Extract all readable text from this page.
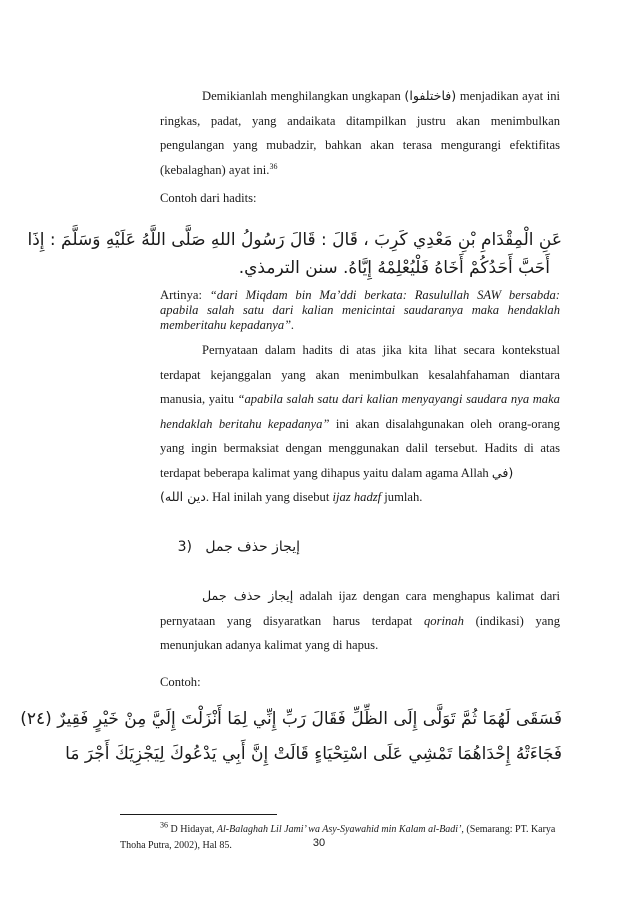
Demikianlah menghilangkan ungkapan (فاختلفوا) menjadikan ayat ini ringkas, padat, yang andaikata ditampilkan justru akan menimbulkan pengulangan yang mubadzir, bahkan akan terasa mengurangi efektifitas (kebalaghan) ayat ini.$^{36}$
Contoh dari hadits:
عَنِ الْمِقْدَامِ بْنِ مَعْدِي كَرِبَ ، قَالَ : قَالَ رَسُولُ اللهِ صَلَّى اللَّهُ عَلَيْهِ وَسَلَّمَ : إِذَا
أَحَبَّ أَحَدُكُمْ أَخَاهُ فَلْيُعْلِمْهُ إِيَّاهُ. سنن الترمذي.
Artinya: “dari Miqdam bin Ma’ddi berkata: Rasulullah SAW bersabda: apabila salah satu dari kalian menicintai saudaranya maka hendaklah memberitahu kepadanya”.
Pernyataan dalam hadits di atas jika kita lihat secara kontekstual terdapat kejanggalan yang akan menimbulkan kesalahfahaman diantara manusia, yaitu “apabila salah satu dari kalian menyayangi saudara nya maka hendaklah beritahu kepadanya” ini akan disalahgunakan oleh orang-orang yang ingin bermaksiat dengan menggunakan dalil tersebut. Hadits di atas terdapat beberapa kalimat yang dihapus yaitu dalam agama Allah (في
دين الله). Hal inilah yang disebut ijaz hadzf jumlah.
إيجاز حذف جمل   3)
إيجاز حذف جمل adalah ijaz dengan cara menghapus kalimat dari pernyataan yang disyaratkan harus terdapat qorinah (indikasi) yang menunjukan adanya kalimat yang di hapus.
Contoh:
فَسَقَى لَهُمَا ثُمَّ تَوَلَّى إِلَى الظِّلِّ فَقَالَ رَبِّ إِنِّي لِمَا أَنْزَلْتَ إِلَيَّ مِنْ خَيْرٍ فَقِيرٌ (٢٤)
فَجَاءَتْهُ إِحْدَاهُمَا تَمْشِي عَلَى اسْتِحْيَاءٍ قَالَتْ إِنَّ أَبِي يَدْعُوكَ لِيَجْزِيَكَ أَجْرَ مَا
$^{36}$ D Hidayat, Al-Balaghah Lil Jami’ wa Asy-Syawahid min Kalam al-Badi’, (Semarang: PT. Karya Thoha Putra, 2002), Hal 85.	30
